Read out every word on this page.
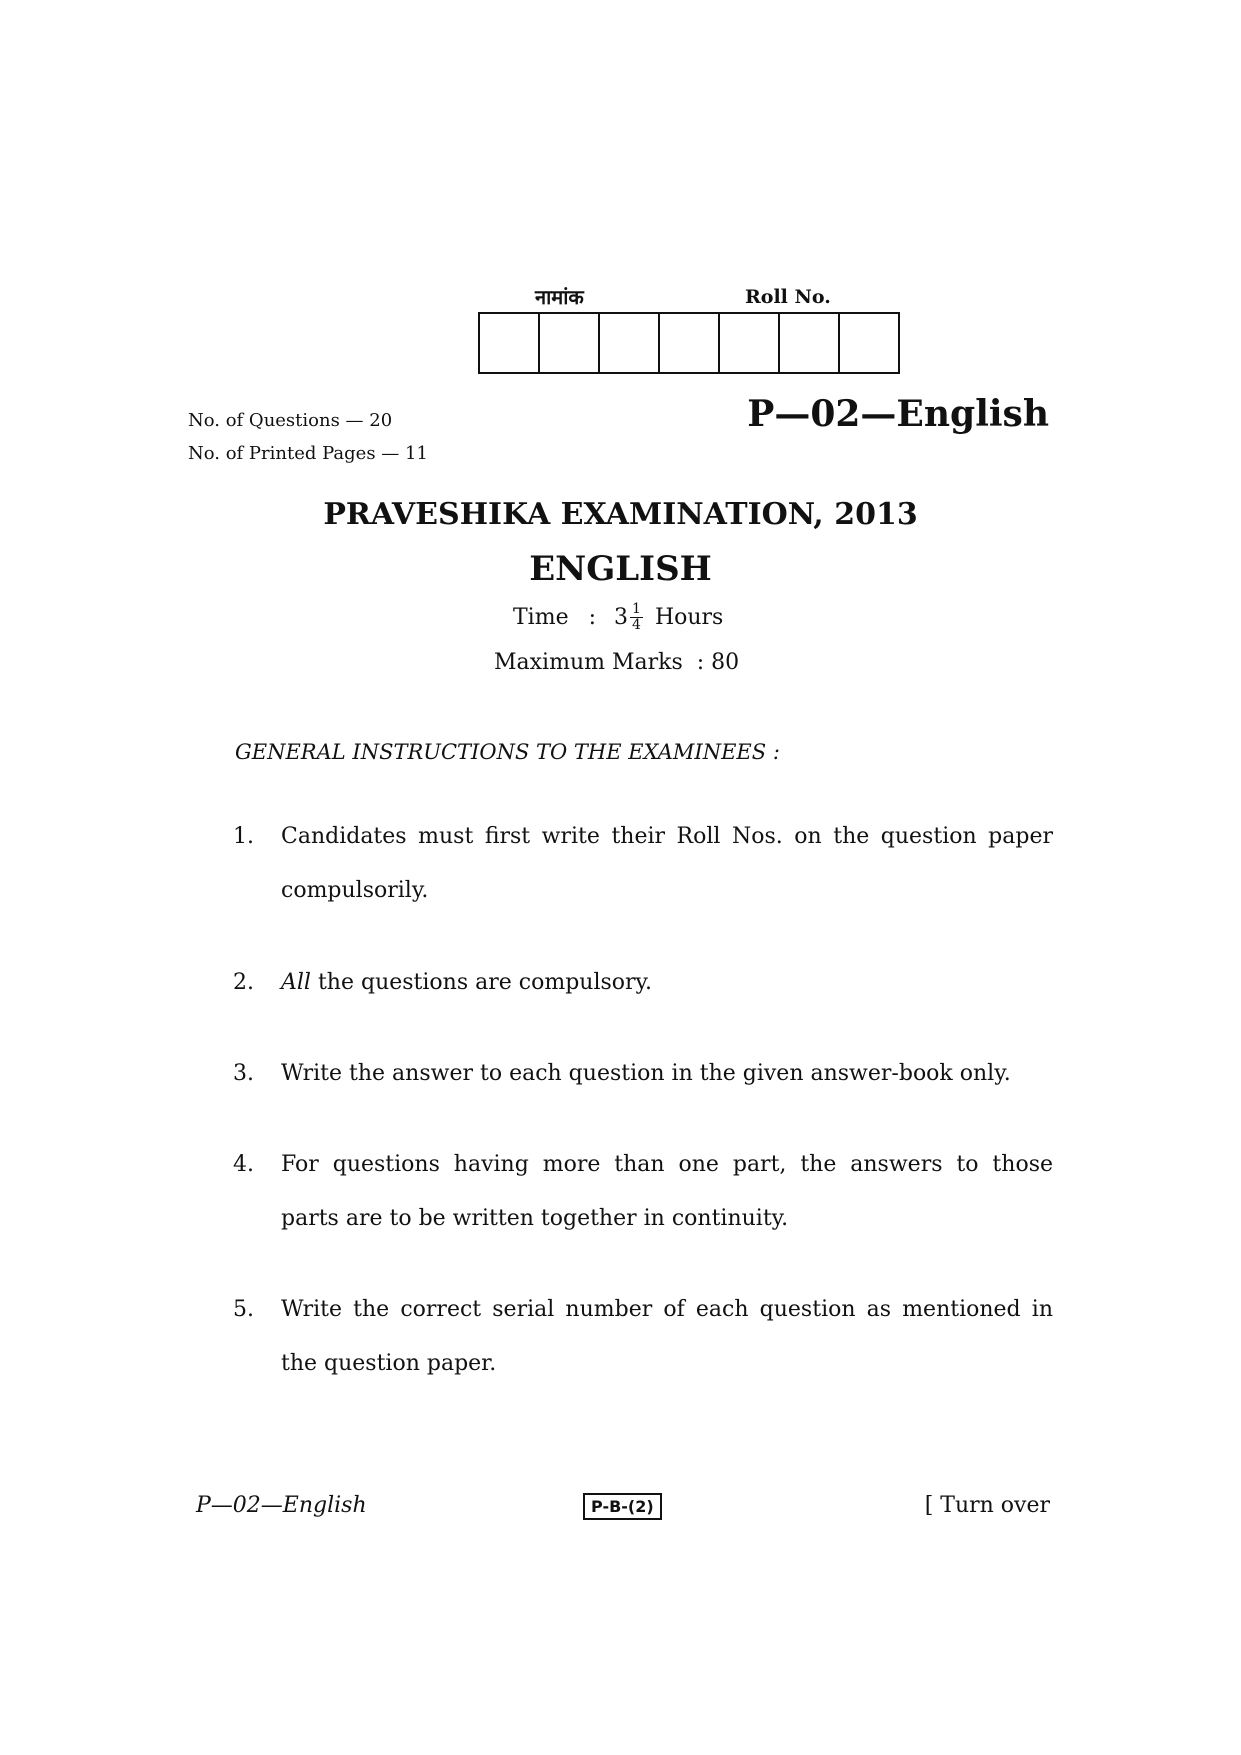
नामांक	Roll No.
No. of Questions — 20
No. of Printed Pages — 11
P—02—English
PRAVESHIKA EXAMINATION, 2013
ENGLISH
Time : $3 \frac{1}{4}$ Hours
Maximum Marks  : 80
GENERAL INSTRUCTIONS TO THE EXAMINEES :
1. Candidates must first write their Roll Nos. on the question paper
compulsorily.
2. All the questions are compulsory.
3. Write the answer to each question in the given answer-book only.
4. For questions having more than one part, the answers to those
parts are to be written together in continuity.
5. Write the correct serial number of each question as mentioned in
the question paper.
P—02—English	P-B-(2)	[ Turn over
